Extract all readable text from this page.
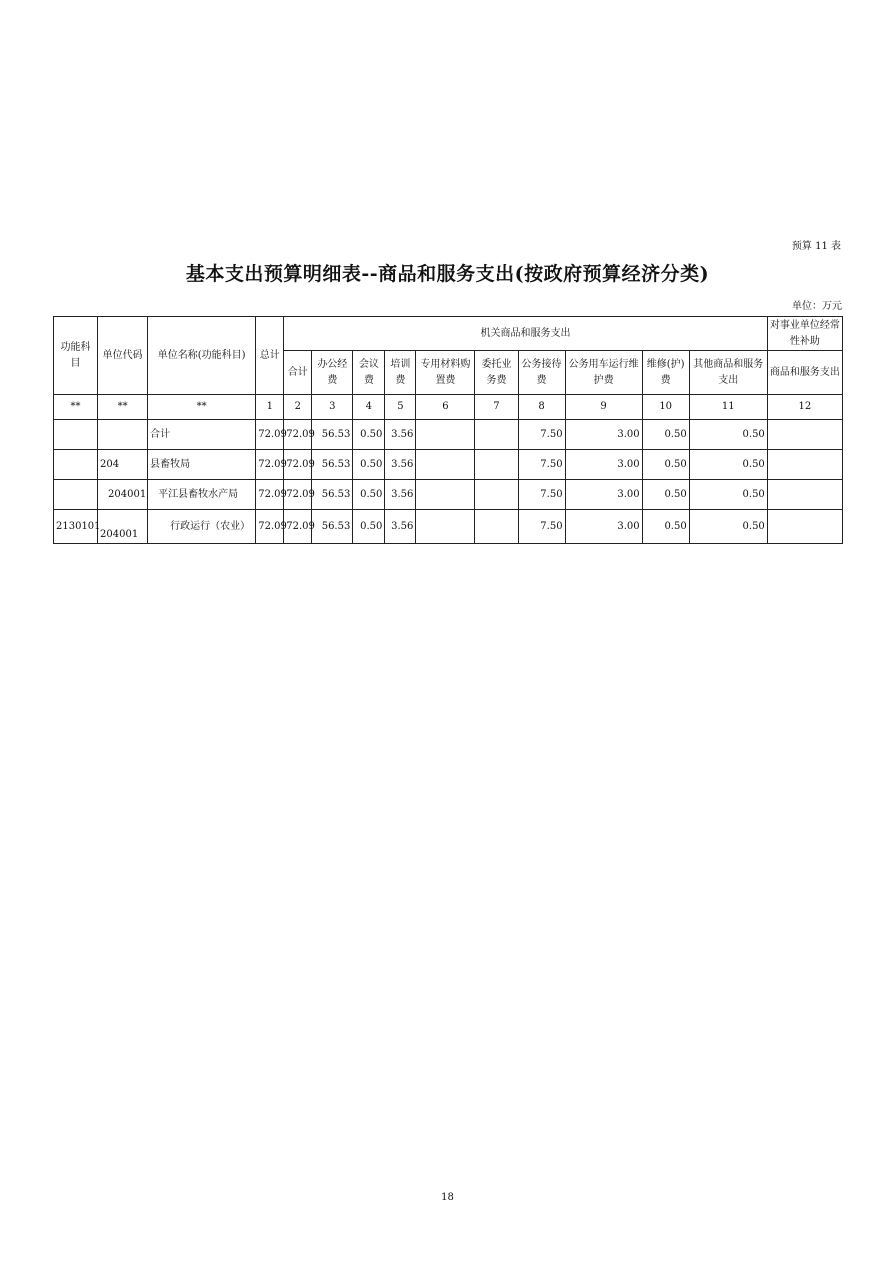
预算 11 表
基本支出预算明细表--商品和服务支出(按政府预算经济分类)
单位：万元
功能科目	单位代码	单位名称(功能科目)	总计	机关商品和服务支出										对事业单位经常性补助
				合计	办公经费	会议费	培训费	专用材料购置费	委托业务费	公务接待费	公务用车运行维护费	维修(护)费	其他商品和服务支出	商品和服务支出
**	**	**	1	2	3	4	5	6	7	8	9	10	11	12
		合计	72.09	72.09	56.53	0.50	3.56			7.50	3.00	0.50	0.50	
	204	县畜牧局	72.09	72.09	56.53	0.50	3.56			7.50	3.00	0.50	0.50	
	204001	平江县畜牧水产局	72.09	72.09	56.53	0.50	3.56			7.50	3.00	0.50	0.50	
2130101	204001	行政运行（农业）	72.09	72.09	56.53	0.50	3.56			7.50	3.00	0.50	0.50	
18
